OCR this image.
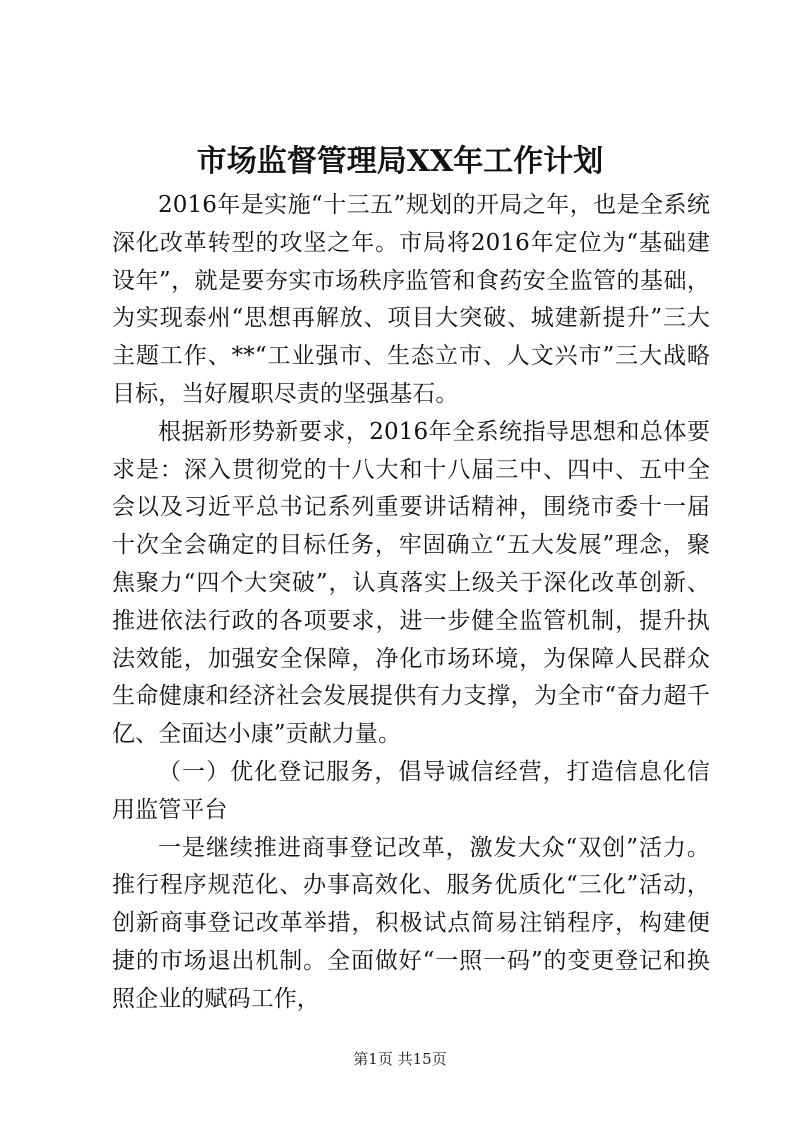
市场监督管理局XX年工作计划

2016年是实施“十三五”规划的开局之年，也是全系统深化改革转型的攻坚之年。市局将2016年定位为“基础建设年”，就是要夯实市场秩序监管和食药安全监管的基础，为实现泰州“思想再解放、项目大突破、城建新提升”三大主题工作、**“工业强市、生态立市、人文兴市”三大战略目标，当好履职尽责的坚强基石。

根据新形势新要求，2016年全系统指导思想和总体要求是：深入贯彻党的十八大和十八届三中、四中、五中全会以及习近平总书记系列重要讲话精神，围绕市委十一届十次全会确定的目标任务，牢固确立“五大发展”理念，聚焦聚力“四个大突破”，认真落实上级关于深化改革创新、推进依法行政的各项要求，进一步健全监管机制，提升执法效能，加强安全保障，净化市场环境，为保障人民群众生命健康和经济社会发展提供有力支撑，为全市“奋力超千亿、全面达小康”贡献力量。

（一）优化登记服务，倡导诚信经营，打造信息化信用监管平台

一是继续推进商事登记改革，激发大众“双创”活力。推行程序规范化、办事高效化、服务优质化“三化”活动，创新商事登记改革举措，积极试点简易注销程序，构建便捷的市场退出机制。全面做好“一照一码”的变更登记和换照企业的赋码工作，

第1页 共15页
